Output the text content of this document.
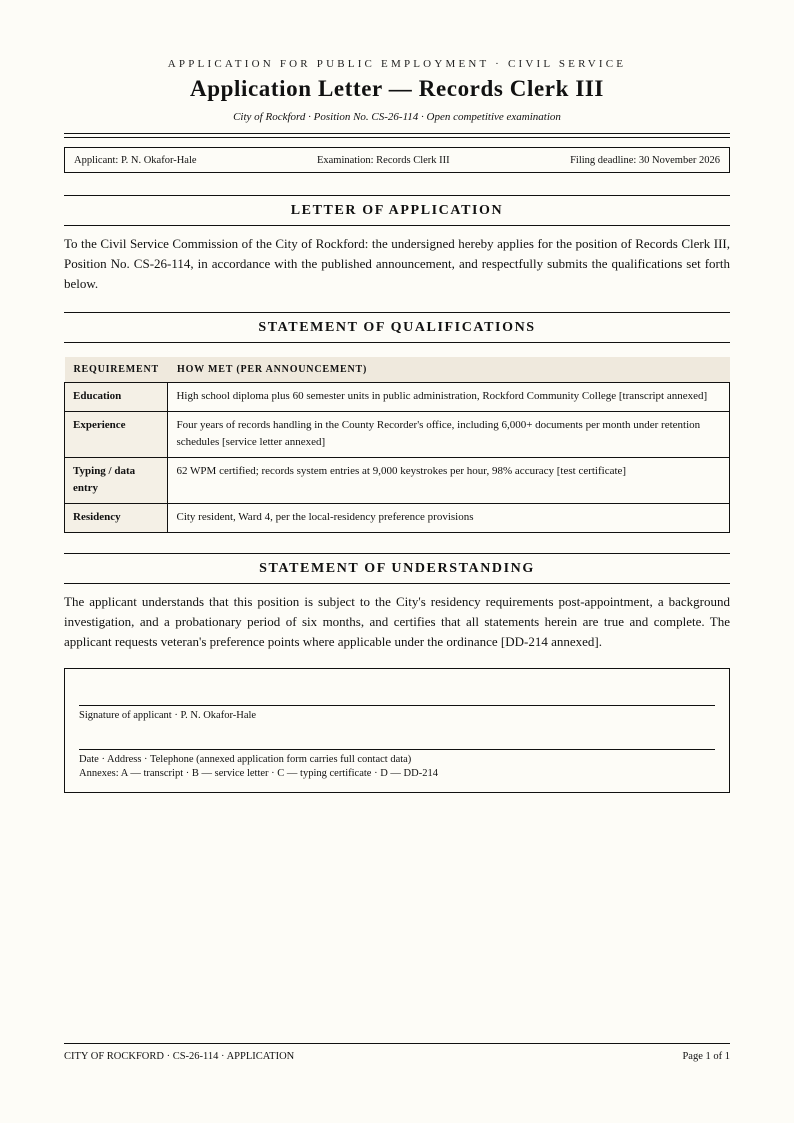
APPLICATION FOR PUBLIC EMPLOYMENT · CIVIL SERVICE
Application Letter — Records Clerk III
City of Rockford · Position No. CS-26-114 · Open competitive examination
Applicant: P. N. Okafor-Hale	Examination: Records Clerk III	Filing deadline: 30 November 2026
LETTER OF APPLICATION
To the Civil Service Commission of the City of Rockford: the undersigned hereby applies for the position of Records Clerk III, Position No. CS-26-114, in accordance with the published announcement, and respectfully submits the qualifications set forth below.
STATEMENT OF QUALIFICATIONS
REQUIREMENT	HOW MET (PER ANNOUNCEMENT)
Education	High school diploma plus 60 semester units in public administration, Rockford Community College [transcript annexed]
Experience	Four years of records handling in the County Recorder's office, including 6,000+ documents per month under retention schedules [service letter annexed]
Typing / data entry	62 WPM certified; records system entries at 9,000 keystrokes per hour, 98% accuracy [test certificate]
Residency	City resident, Ward 4, per the local-residency preference provisions
STATEMENT OF UNDERSTANDING
The applicant understands that this position is subject to the City's residency requirements post-appointment, a background investigation, and a probationary period of six months, and certifies that all statements herein are true and complete. The applicant requests veteran's preference points where applicable under the ordinance [DD-214 annexed].
Signature of applicant · P. N. Okafor-Hale
Date · Address · Telephone (annexed application form carries full contact data)
Annexes: A — transcript · B — service letter · C — typing certificate · D — DD-214
CITY OF ROCKFORD · CS-26-114 · APPLICATION	Page 1 of 1
